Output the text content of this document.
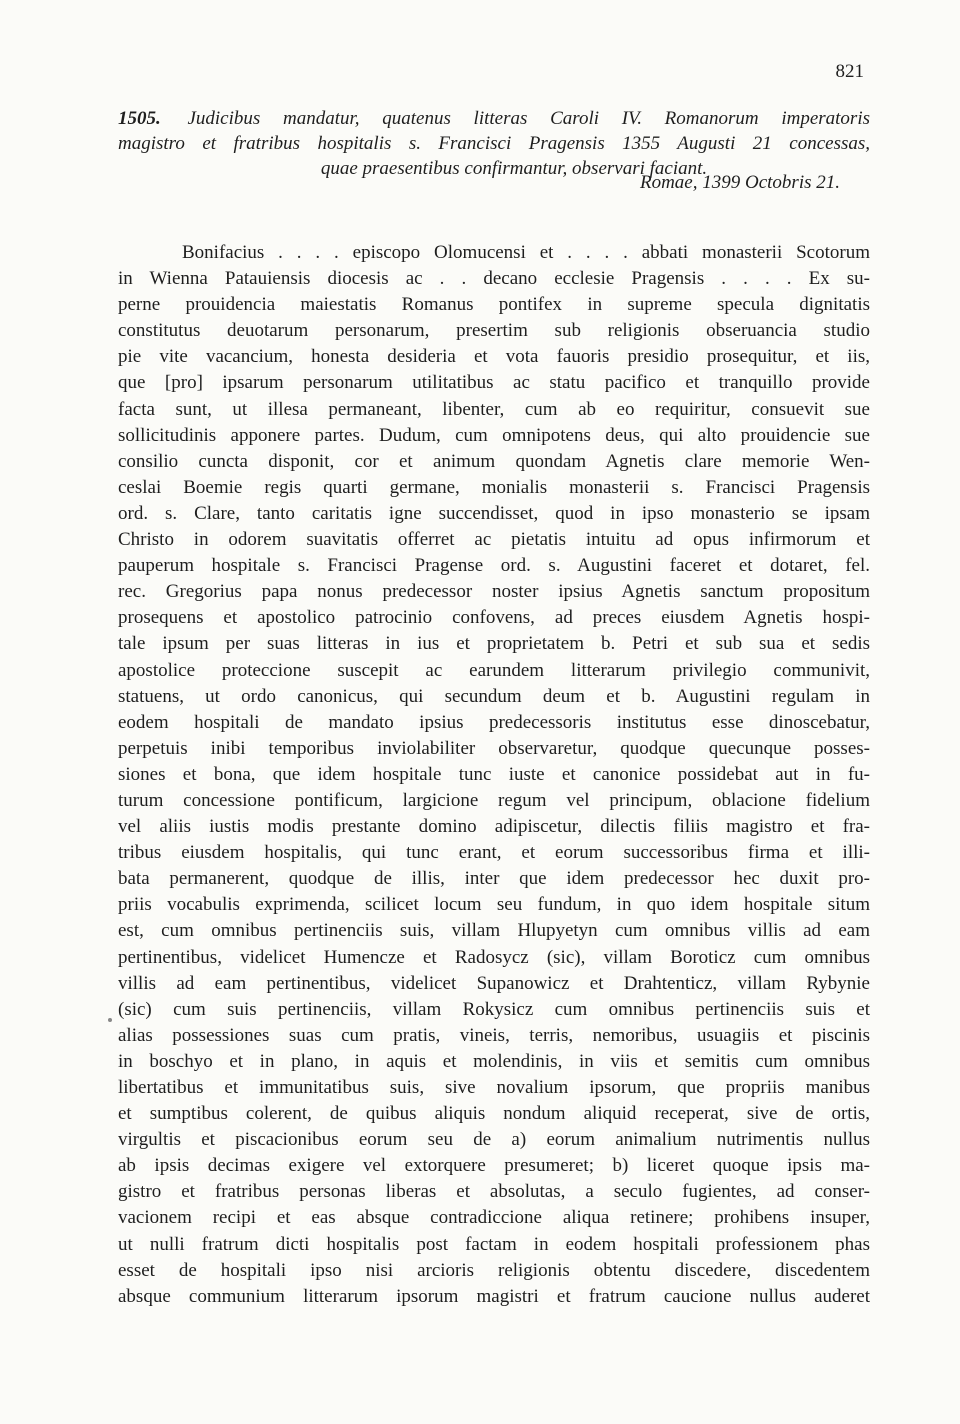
821

1505. Judicibus mandatur, quatenus litteras Caroli IV. Romanorum imperatoris

magistro et fratribus hospitalis s. Francisci Pragensis 1355 Augusti 21 concessas,

quae praesentibus confirmantur, observari faciant.

Romae, 1399 Octobris 21.
Bonifacius . . . . episcopo Olomucensi et . . . . abbati monasterii Scotorum
in Wienna Patauiensis diocesis ac . . decano ecclesie Pragensis . . . . Ex su-
perne prouidencia maiestatis Romanus pontifex in supreme specula dignitatis
constitutus deuotarum personarum, presertim sub religionis obseruancia studio
pie vite vacancium, honesta desideria et vota fauoris presidio prosequitur, et iis,
que [pro] ipsarum personarum utilitatibus ac statu pacifico et tranquillo provide
facta sunt, ut illesa permaneant, libenter, cum ab eo requiritur, consuevit sue
sollicitudinis apponere partes. Dudum, cum omnipotens deus, qui alto prouidencie sue
consilio cuncta disponit, cor et animum quondam Agnetis clare memorie Wen-
ceslai Boemie regis quarti germane, monialis monasterii s. Francisci Pragensis
ord. s. Clare, tanto caritatis igne succendisset, quod in ipso monasterio se ipsam
Christo in odorem suavitatis offerret ac pietatis intuitu ad opus infirmorum et
pauperum hospitale s. Francisci Pragense ord. s. Augustini faceret et dotaret, fel.
rec. Gregorius papa nonus predecessor noster ipsius Agnetis sanctum propositum
prosequens et apostolico patrocinio confovens, ad preces eiusdem Agnetis hospi-
tale ipsum per suas litteras in ius et proprietatem b. Petri et sub sua et sedis
apostolice proteccione suscepit ac earundem litterarum privilegio communivit,
statuens, ut ordo canonicus, qui secundum deum et b. Augustini regulam in
eodem hospitali de mandato ipsius predecessoris institutus esse dinoscebatur,
perpetuis inibi temporibus inviolabiliter observaretur, quodque quecunque posses-
siones et bona, que idem hospitale tunc iuste et canonice possidebat aut in fu-
turum concessione pontificum, largicione regum vel principum, oblacione fidelium
vel aliis iustis modis prestante domino adipiscetur, dilectis filiis magistro et fra-
tribus eiusdem hospitalis, qui tunc erant, et eorum successoribus firma et illi-
bata permanerent, quodque de illis, inter que idem predecessor hec duxit pro-
priis vocabulis exprimenda, scilicet locum seu fundum, in quo idem hospitale situm
est, cum omnibus pertinenciis suis, villam Hlupyetyn cum omnibus villis ad eam
pertinentibus, videlicet Humencze et Radosycz (sic), villam Boroticz cum omnibus
villis ad eam pertinentibus, videlicet Supanowicz et Drahtenticz, villam Rybynie
(sic) cum suis pertinenciis, villam Rokysicz cum omnibus pertinenciis suis et
alias possessiones suas cum pratis, vineis, terris, nemoribus, usuagiis et piscinis
in boschyo et in plano, in aquis et molendinis, in viis et semitis cum omnibus
libertatibus et immunitatibus suis, sive novalium ipsorum, que propriis manibus
et sumptibus colerent, de quibus aliquis nondum aliquid receperat, sive de ortis,
virgultis et piscacionibus eorum seu de a) eorum animalium nutrimentis nullus
ab ipsis decimas exigere vel extorquere presumeret; b) liceret quoque ipsis ma-
gistro et fratribus personas liberas et absolutas, a seculo fugientes, ad conser-
vacionem recipi et eas absque contradiccione aliqua retinere; prohibens insuper,
ut nulli fratrum dicti hospitalis post factam in eodem hospitali professionem phas
esset de hospitali ipso nisi arcioris religionis obtentu discedere, discedentem
absque communium litterarum ipsorum magistri et fratrum caucione nullus auderet
